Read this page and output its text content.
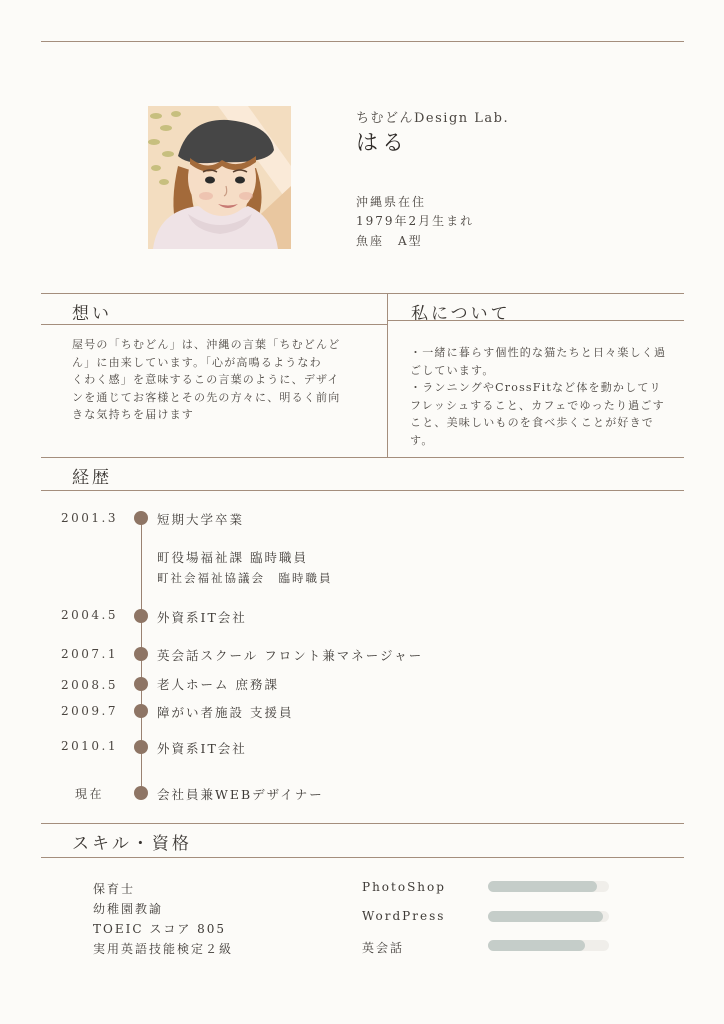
ちむどんDesign Lab.
はる
沖縄県在住
1979年2月生まれ
魚座　A型
想い	私について
屋号の「ちむどん」は、沖縄の言葉「ちむどんど
ん」に由来しています。「心が高鳴るようなわ
くわく感」を意味するこの言葉のように、デザイ
ンを通じてお客様とその先の方々に、明るく前向
きな気持ちを届けます
・一緒に暮らす個性的な猫たちと日々楽しく過
ごしています。
・ランニングやCrossFitなど体を動かしてリ
フレッシュすること、カフェでゆったり過ごす
こと、美味しいものを食べ歩くことが好きで
す。
経歴
2001.3	短期大学卒業
町役場福祉課 臨時職員
町社会福祉協議会　臨時職員
2004.5	外資系IT会社
2007.1	英会話スクール フロント兼マネージャー
2008.5	老人ホーム 庶務課
2009.7	障がい者施設 支援員
2010.1	外資系IT会社
現在	会社員兼WEBデザイナー
スキル・資格
保育士
幼稚園教諭
TOEIC スコア 805
実用英語技能検定２級
PhotoShop
WordPress
英会話
